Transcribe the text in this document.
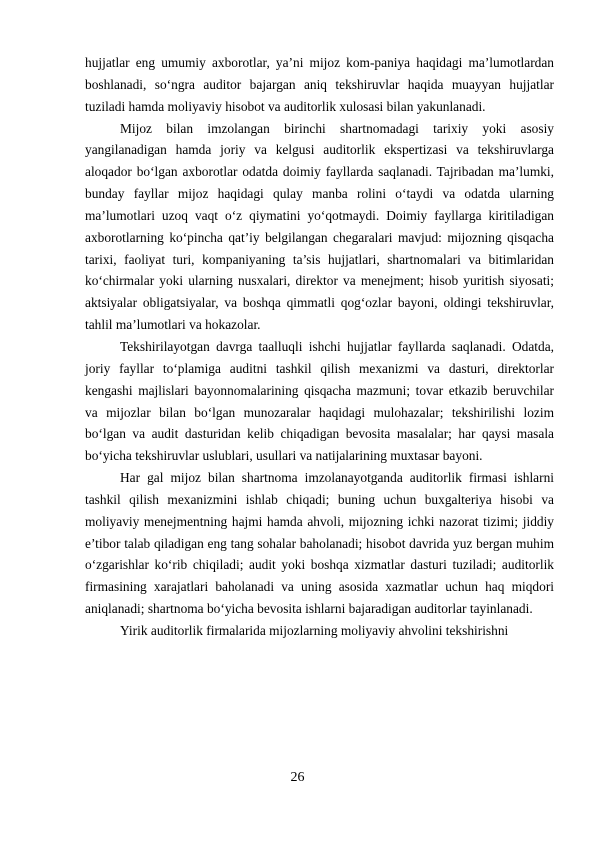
hujjatlar eng umumiy axborotlar, ya’ni mijoz kom-paniya haqidagi ma’lumotlardan boshlanadi, so‘ngra auditor bajargan aniq tekshiruvlar haqida muayyan hujjatlar tuziladi hamda moliyaviy hisobot va auditorlik xulosasi bilan yakunlanadi.

Mijoz bilan imzolangan birinchi shartnomadagi tarixiy yoki asosiy yangilanadigan hamda joriy va kelgusi auditorlik ekspertizasi va tekshiruvlarga aloqador bo‘lgan axborotlar odatda doimiy fayllarda saqlanadi. Tajribadan ma’lumki, bunday fayllar mijoz haqidagi qulay manba rolini o‘taydi va odatda ularning ma’lumotlari uzoq vaqt o‘z qiymatini yo‘qotmaydi. Doimiy fayllarga kiritiladigan axborotlarning ko‘pincha qat’iy belgilangan chegaralari mavjud: mijozning qisqacha tarixi, faoliyat turi, kompaniyaning ta’sis hujjatlari, shartnomalari va bitimlaridan ko‘chirmalar yoki ularning nusxalari, direktor va menejment; hisob yuritish siyosati; aktsiyalar obligatsiyalar, va boshqa qimmatli qog‘ozlar bayoni, oldingi tekshiruvlar, tahlil ma’lumotlari va hokazolar.

Tekshirilayotgan davrga taalluqli ishchi hujjatlar fayllarda saqlanadi. Odatda, joriy fayllar to‘plamiga auditni tashkil qilish mexanizmi va dasturi, direktorlar kengashi majlislari bayonnomalarining qisqacha mazmuni; tovar etkazib beruvchilar va mijozlar bilan bo‘lgan munozaralar haqidagi mulohazalar; tekshirilishi lozim bo‘lgan va audit dasturidan kelib chiqadigan bevosita masalalar; har qaysi masala bo‘yicha tekshiruvlar uslublari, usullari va natijalarining muxtasar bayoni.

Har gal mijoz bilan shartnoma imzolanayotganda auditorlik firmasi ishlarni tashkil qilish mexanizmini ishlab chiqadi; buning uchun buxgalteriya hisobi va moliyaviy menejmentning hajmi hamda ahvoli, mijozning ichki nazorat tizimi; jiddiy e’tibor talab qiladigan eng tang sohalar baholanadi; hisobot davrida yuz bergan muhim o‘zgarishlar ko‘rib chiqiladi; audit yoki boshqa xizmatlar dasturi tuziladi; auditorlik firmasining xarajatlari baholanadi va uning asosida xazmatlar uchun haq miqdori aniqlanadi; shartnoma bo‘yicha bevosita ishlarni bajaradigan auditorlar tayinlanadi.

Yirik auditorlik firmalarida mijozlarning moliyaviy ahvolini tekshirishni

26
